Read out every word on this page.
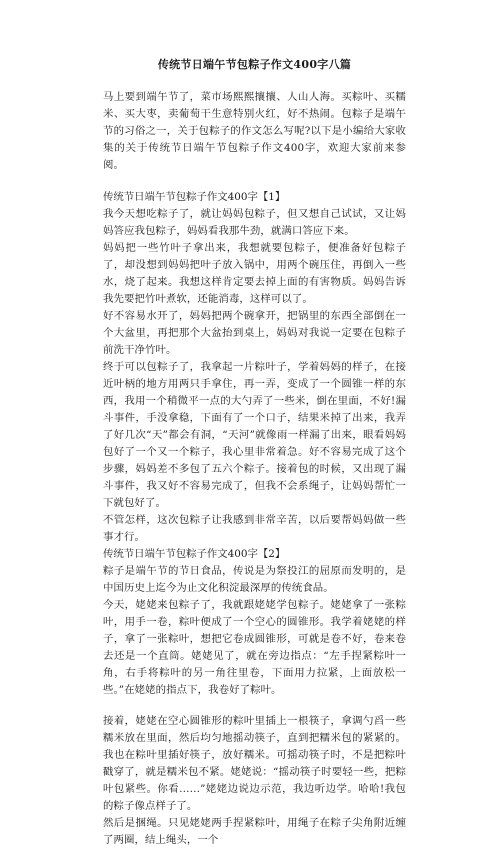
传统节日端午节包粽子作文400字八篇

马上要到端午节了，菜市场熙熙攘攘、人山人海。买粽叶、买糯米、买大枣，卖葡萄干生意特别火红，好不热闹。包粽子是端午节的习俗之一，关于包粽子的作文怎么写呢?以下是小编给大家收集的关于传统节日端午节包粽子作文400字，欢迎大家前来参阅。

传统节日端午节包粽子作文400字【1】

我今天想吃粽子了，就让妈妈包粽子，但又想自己试试，又让妈妈答应我包粽子，妈妈看我那牛劲，就满口答应下来。

妈妈把一些竹叶子拿出来，我想就要包粽子，便准备好包粽子了，却没想到妈妈把叶子放入锅中，用两个碗压住，再倒入一些水，烧了起来。我想这样肯定要去掉上面的有害物质。妈妈告诉我先要把竹叶煮软，还能消毒，这样可以了。

好不容易水开了，妈妈把两个碗拿开，把锅里的东西全部倒在一个大盆里，再把那个大盆抬到桌上，妈妈对我说一定要在包粽子前洗干净竹叶。

终于可以包粽子了，我拿起一片粽叶子，学着妈妈的样子，在接近叶柄的地方用两只手拿住，再一弄，变成了一个圆锥一样的东西，我用一个稍微平一点的大勺弄了一些米，倒在里面，不好!漏斗事件，手没拿稳，下面有了一个口子，结果米掉了出来，我弄了好几次“天”都会有洞，“天河”就像雨一样漏了出来，眼看妈妈包好了一个又一个粽子，我心里非常着急。好不容易完成了这个步骤，妈妈差不多包了五六个粽子。接着包的时候，又出现了漏斗事件，我又好不容易完成了，但我不会系绳子，让妈妈帮忙一下就包好了。

不管怎样，这次包粽子让我感到非常辛苦，以后要帮妈妈做一些事才行。

传统节日端午节包粽子作文400字【2】

粽子是端午节的节日食品，传说是为祭投江的屈原而发明的，是中国历史上迄今为止文化积淀最深厚的传统食品。

今天，姥姥来包粽子了，我就跟姥姥学包粽子。姥姥拿了一张粽叶，用手一卷，粽叶便成了一个空心的圆锥形。我学着姥姥的样子，拿了一张粽叶，想把它卷成圆锥形，可就是卷不好，卷来卷去还是一个直筒。姥姥见了，就在旁边指点：“左手捏紧粽叶一角，右手将粽叶的另一角往里卷，下面用力拉紧，上面放松一些。”在姥姥的指点下，我卷好了粽叶。

接着，姥姥在空心圆锥形的粽叶里插上一根筷子，拿调勺舀一些糯米放在里面，然后均匀地摇动筷子，直到把糯米包的紧紧的。我也在粽叶里插好筷子，放好糯米。可摇动筷子时，不是把粽叶戳穿了，就是糯米包不紧。姥姥说：“摇动筷子时要轻一些，把粽叶包紧些。你看……”姥姥边说边示范，我边听边学。哈哈!我包的粽子像点样子了。

然后是捆绳。只见姥姥两手捏紧粽叶，用绳子在粽子尖角附近缠了两圈，结上绳头，一个
